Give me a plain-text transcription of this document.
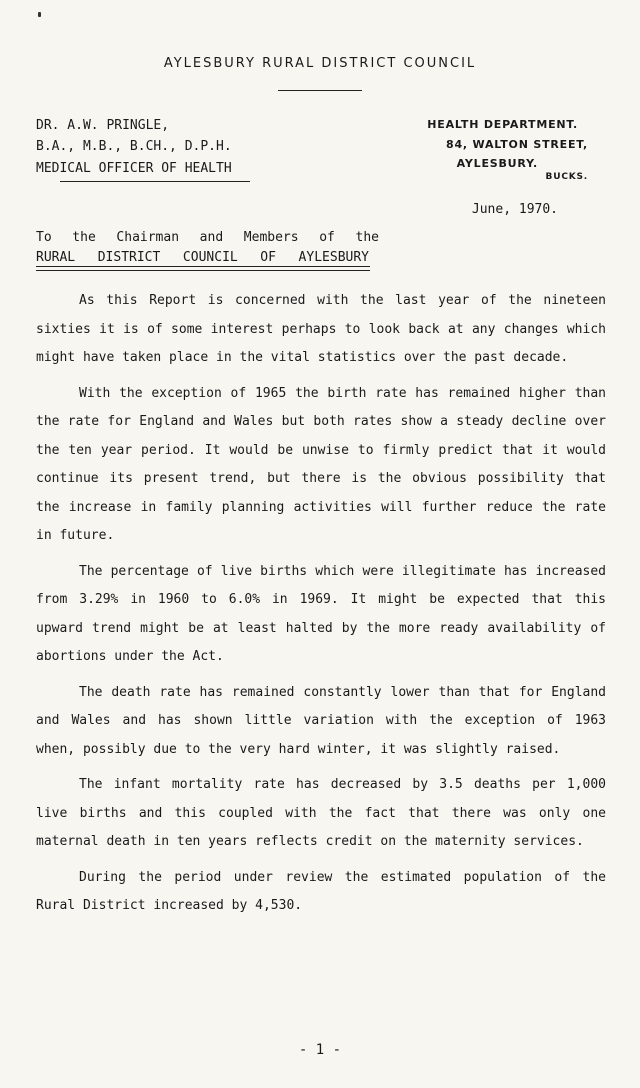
AYLESBURY RURAL DISTRICT COUNCIL
DR. A.W. PRINGLE,
B.A., M.B., B.CH., D.P.H.
MEDICAL OFFICER OF HEALTH
HEALTH DEPARTMENT.
84, WALTON STREET,
AYLESBURY.
BUCKS.
June, 1970.
To the Chairman and Members of the
RURAL DISTRICT COUNCIL OF AYLESBURY

As this Report is concerned with the last year of the nineteen sixties it is of some interest perhaps to look back at any changes which might have taken place in the vital statistics over the past decade.

With the exception of 1965 the birth rate has remained higher than the rate for England and Wales but both rates show a steady decline over the ten year period. It would be unwise to firmly predict that it would continue its present trend, but there is the obvious possibility that the increase in family planning activities will further reduce the rate in future.

The percentage of live births which were illegitimate has increased from 3.29% in 1960 to 6.0% in 1969. It might be expected that this upward trend might be at least halted by the more ready availability of abortions under the Act.

The death rate has remained constantly lower than that for England and Wales and has shown little variation with the exception of 1963 when, possibly due to the very hard winter, it was slightly raised.

The infant mortality rate has decreased by 3.5 deaths per 1,000 live births and this coupled with the fact that there was only one maternal death in ten years reflects credit on the maternity services.

During the period under review the estimated population of the Rural District increased by 4,530.

- 1 -
